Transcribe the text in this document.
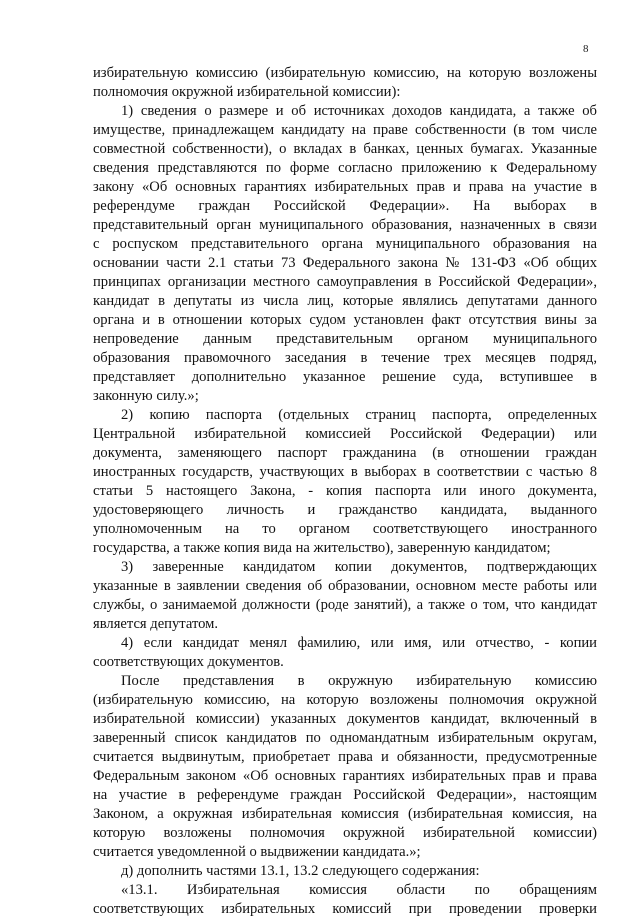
8
избирательную комиссию (избирательную комиссию, на которую возложены
полномочия окружной избирательной комиссии):
1) сведения о размере и об источниках доходов кандидата, а также об
имуществе, принадлежащем кандидату на праве собственности (в том числе
совместной собственности), о вкладах в банках, ценных бумагах. Указанные
сведения представляются по форме согласно приложению к Федеральному
закону «Об основных гарантиях избирательных прав и права на участие в
референдуме граждан Российской Федерации». На выборах в
представительный орган муниципального образования, назначенных в связи
с роспуском представительного органа муниципального образования на
основании части 2.1 статьи 73 Федерального закона № 131-ФЗ «Об общих
принципах организации местного самоуправления в Российской Федерации»,
кандидат в депутаты из числа лиц, которые являлись депутатами данного
органа и в отношении которых судом установлен факт отсутствия вины за
непроведение данным представительным органом муниципального
образования правомочного заседания в течение трех месяцев подряд,
представляет дополнительно указанное решение суда, вступившее в
законную силу.»;
2) копию паспорта (отдельных страниц паспорта, определенных
Центральной избирательной комиссией Российской Федерации) или
документа, заменяющего паспорт гражданина (в отношении граждан
иностранных государств, участвующих в выборах в соответствии с частью 8
статьи 5 настоящего Закона, - копия паспорта или иного документа,
удостоверяющего личность и гражданство кандидата, выданного
уполномоченным на то органом соответствующего иностранного
государства, а также копия вида на жительство), заверенную кандидатом;
3) заверенные кандидатом копии документов, подтверждающих
указанные в заявлении сведения об образовании, основном месте работы или
службы, о занимаемой должности (роде занятий), а также о том, что кандидат
является депутатом.
4) если кандидат менял фамилию, или имя, или отчество, - копии
соответствующих документов.
После представления в окружную избирательную комиссию
(избирательную комиссию, на которую возложены полномочия окружной
избирательной комиссии) указанных документов кандидат, включенный в
заверенный список кандидатов по одномандатным избирательным округам,
считается выдвинутым, приобретает права и обязанности, предусмотренные
Федеральным законом «Об основных гарантиях избирательных прав и права
на участие в референдуме граждан Российской Федерации», настоящим
Законом, а окружная избирательная комиссия (избирательная комиссия, на
которую возложены полномочия окружной избирательной комиссии)
считается уведомленной о выдвижении кандидата.»;
д) дополнить частями 13.1, 13.2 следующего содержания:
«13.1. Избирательная комиссия области по обращениям
соответствующих избирательных комиссий при проведении проверки
